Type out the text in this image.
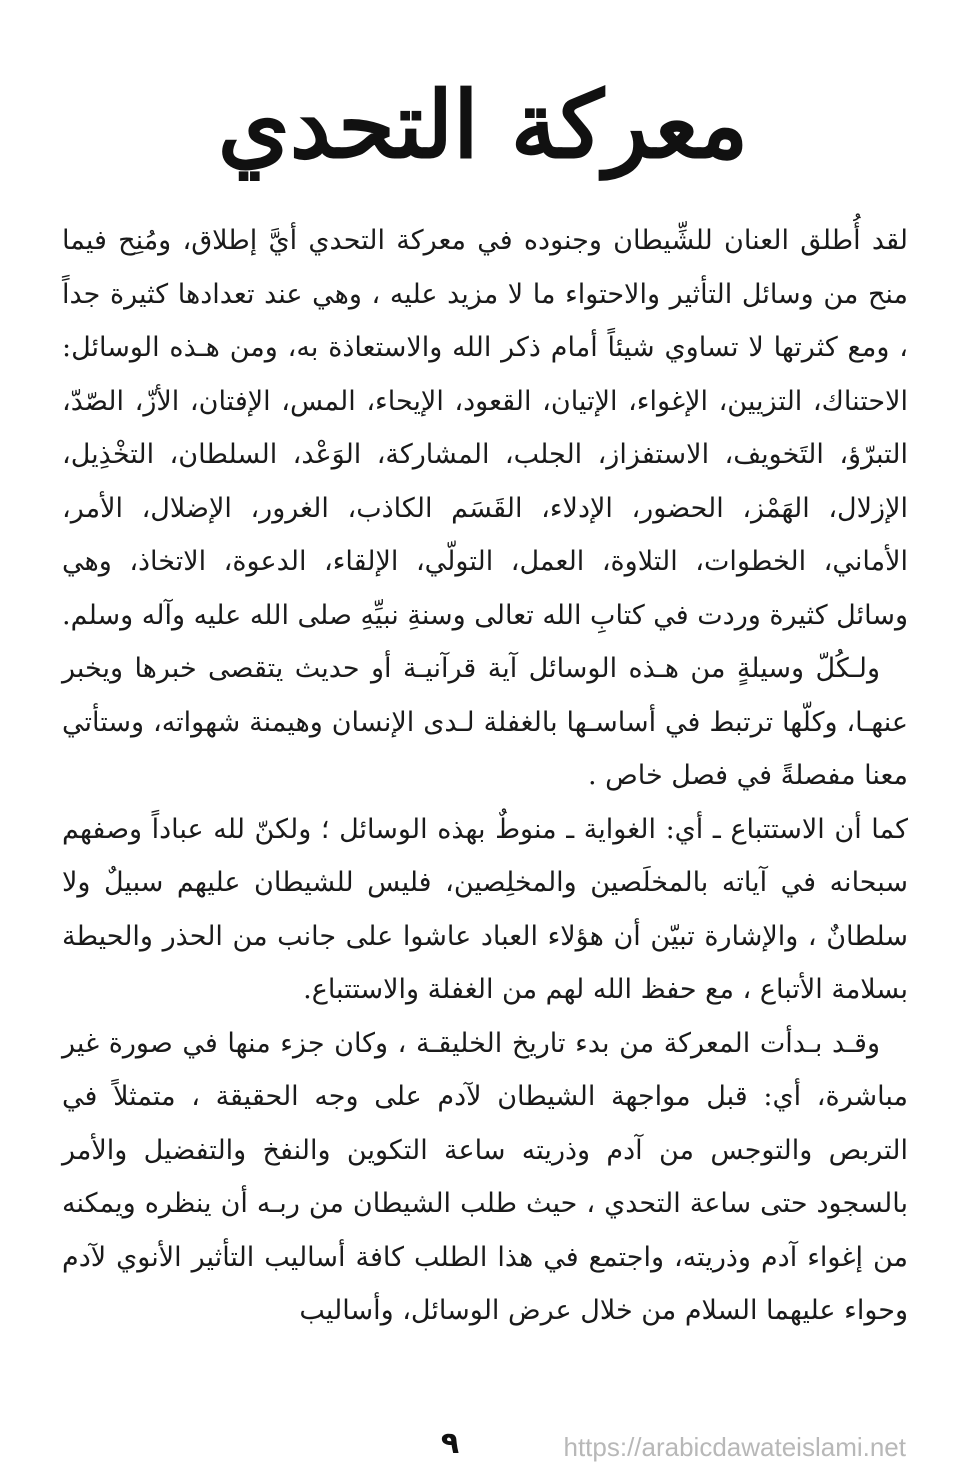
معركة التحدي

لقد أُطلق العنان للشِّيطان وجنوده في معركة التحدي أيَّ إطلاق، ومُنِح فيما منح من وسائل التأثير والاحتواء ما لا مزيد عليه ، وهي عند تعدادها كثيرة جداً ، ومع كثرتها لا تساوي شيئاً أمام ذكر الله والاستعاذة به، ومن هـذه الوسائل: الاحتناك، التزيين، الإغواء، الإتيان، القعود، الإيحاء، المس، الإفتان، الأزّ، الصّدّ، التبرّؤ، التَخويف، الاستفزاز، الجلب، المشاركة، الوَعْد، السلطان، التخْذِيل، الإزلال، الهَمْز، الحضور، الإدلاء، القَسَم الكاذب، الغرور، الإضلال، الأمر، الأماني، الخطوات، التلاوة، العمل، التولّي، الإلقاء، الدعوة، الاتخاذ، وهي وسائل كثيرة وردت في كتابِ الله تعالى وسنةِ نبيِّهِ صلى الله عليه وآله وسلم.

ولـكُلّ وسيلةٍ من هـذه الوسائل آية قرآنيـة أو حديث يتقصى خبرها ويخبر عنهـا، وكلّها ترتبط في أساسـها بالغفلة لـدى الإنسان وهيمنة شهواته، وستأتي معنا مفصلةً في فصل خاص .

كما أن الاستتباع ـ أي: الغواية ـ منوطٌ بهذه الوسائل ؛ ولكنّ لله عباداً وصفهم سبحانه في آياته بالمخلَصين والمخلِصين، فليس للشيطان عليهم سبيلٌ ولا سلطانٌ ، والإشارة تبيّن أن هؤلاء العباد عاشوا على جانب من الحذر والحيطة بسلامة الأتباع ، مع حفظ الله لهم من الغفلة والاستتباع.

وقـد بـدأت المعركة من بدء تاريخ الخليقـة ، وكان جزء منها في صورة غير مباشرة، أي: قبل مواجهة الشيطان لآدم على وجه الحقيقة ، متمثلاً في التربص والتوجس من آدم وذريته ساعة التكوين والنفخ والتفضيل والأمر بالسجود حتى ساعة التحدي ، حيث طلب الشيطان من ربـه أن ينظره ويمكنه من إغواء آدم وذريته، واجتمع في هذا الطلب كافة أساليب التأثير الأنوي لآدم وحواء عليهما السلام من خلال عرض الوسائل، وأساليب

٩	https://arabicdawateislami.net
